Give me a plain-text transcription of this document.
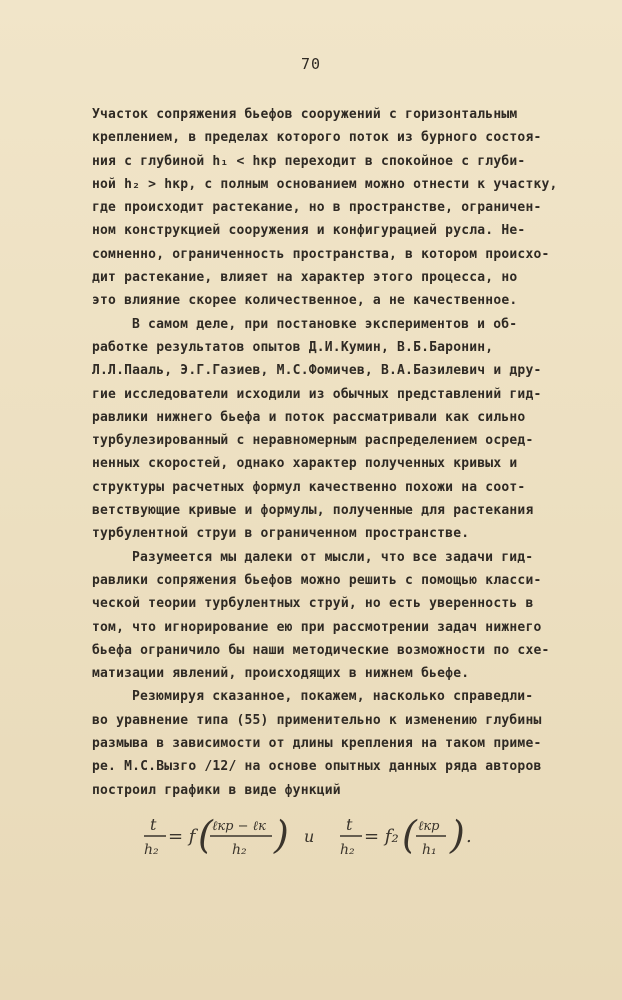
70
Участок сопряжения бьефов сооружений с горизонтальным
креплением, в пределах которого поток из бурного состоя-
ния с глубиной h₁ < hкр переходит в спокойное с глуби-
ной h₂ > hкр, с полным основанием можно отнести к участку,
где происходит растекание, но в пространстве, ограничен-
ном конструкцией сооружения и конфигурацией русла. Не-
сомненно, ограниченность пространства, в котором происхо-
дит растекание, влияет на характер этого процесса, но
это влияние скорее количественное, а не качественное.
В самом деле, при постановке экспериментов и об-
работке результатов опытов Д.И.Кумин, В.Б.Баронин,
Л.Л.Пааль, Э.Г.Газиев, М.С.Фомичев, В.А.Базилевич и дру-
гие исследователи исходили из обычных представлений гид-
равлики нижнего бьефа и поток рассматривали как сильно
турбулезированный с неравномерным распределением осред-
ненных скоростей, однако характер полученных кривых и
структуры расчетных формул качественно похожи на соот-
ветствующие кривые и формулы, полученные для растекания
турбулентной струи в ограниченном пространстве.
Разумеется мы далеки от мысли, что все задачи гид-
равлики сопряжения бьефов можно решить с помощью класси-
ческой теории турбулентных струй, но есть уверенность в
том, что игнорирование ею при рассмотрении задач нижнего
бьефа ограничило бы наши методические возможности по схе-
матизации явлений, происходящих в нижнем бьефе.
Резюмируя сказанное, покажем, насколько справедли-
во уравнение типа (55) применительно к изменению глубины
размыва в зависимости от длины крепления на таком приме-
ре. М.С.Вызго /12/ на основе опытных данных ряда авторов
построил графики в виде функций
t
h₂
= f ( ℓкр − ℓк
h₂ ) и
t
h₂
= f₂ ( ℓкр
h₁ ) .
